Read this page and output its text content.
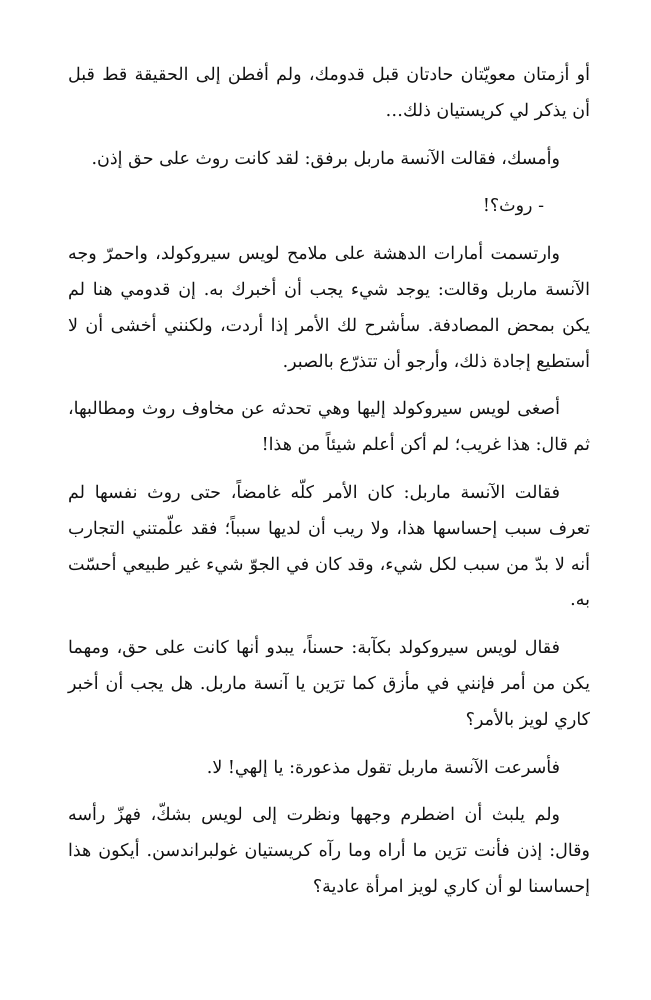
أو أزمتان معويّتان حادتان قبل قدومك، ولم أفطن إلى الحقيقة قط قبل أن يذكر لي كريستيان ذلك…

وأمسك، فقالت الآنسة ماربل برفق: لقد كانت روث على حق إذن.

- روث؟!

وارتسمت أمارات الدهشة على ملامح لويس سيروكولد، واحمرّ وجه الآنسة ماربل وقالت: يوجد شيء يجب أن أخبرك به. إن قدومي هنا لم يكن بمحض المصادفة. سأشرح لك الأمر إذا أردت، ولكنني أخشى أن لا أستطيع إجادة ذلك، وأرجو أن تتذرّع بالصبر.

أصغى لويس سيروكولد إليها وهي تحدثه عن مخاوف روث ومطالبها، ثم قال: هذا غريب؛ لم أكن أعلم شيئاً من هذا!

فقالت الآنسة ماربل: كان الأمر كلّه غامضاً، حتى روث نفسها لم تعرف سبب إحساسها هذا، ولا ريب أن لديها سبباً؛ فقد علّمتني التجارب أنه لا بدّ من سبب لكل شيء، وقد كان في الجوّ شيء غير طبيعي أحسّت به.

فقال لويس سيروكولد بكآبة: حسناً، يبدو أنها كانت على حق، ومهما يكن من أمر فإنني في مأزق كما ترَين يا آنسة ماربل. هل يجب أن أخبر كاري لويز بالأمر؟

فأسرعت الآنسة ماربل تقول مذعورة: يا إلهي! لا.

ولم يلبث أن اضطرم وجهها ونظرت إلى لويس بشكّ، فهزّ رأسه وقال: إذن فأنت ترَين ما أراه وما رآه كريستيان غولبراندسن. أيكون هذا إحساسنا لو أن كاري لويز امرأة عادية؟
